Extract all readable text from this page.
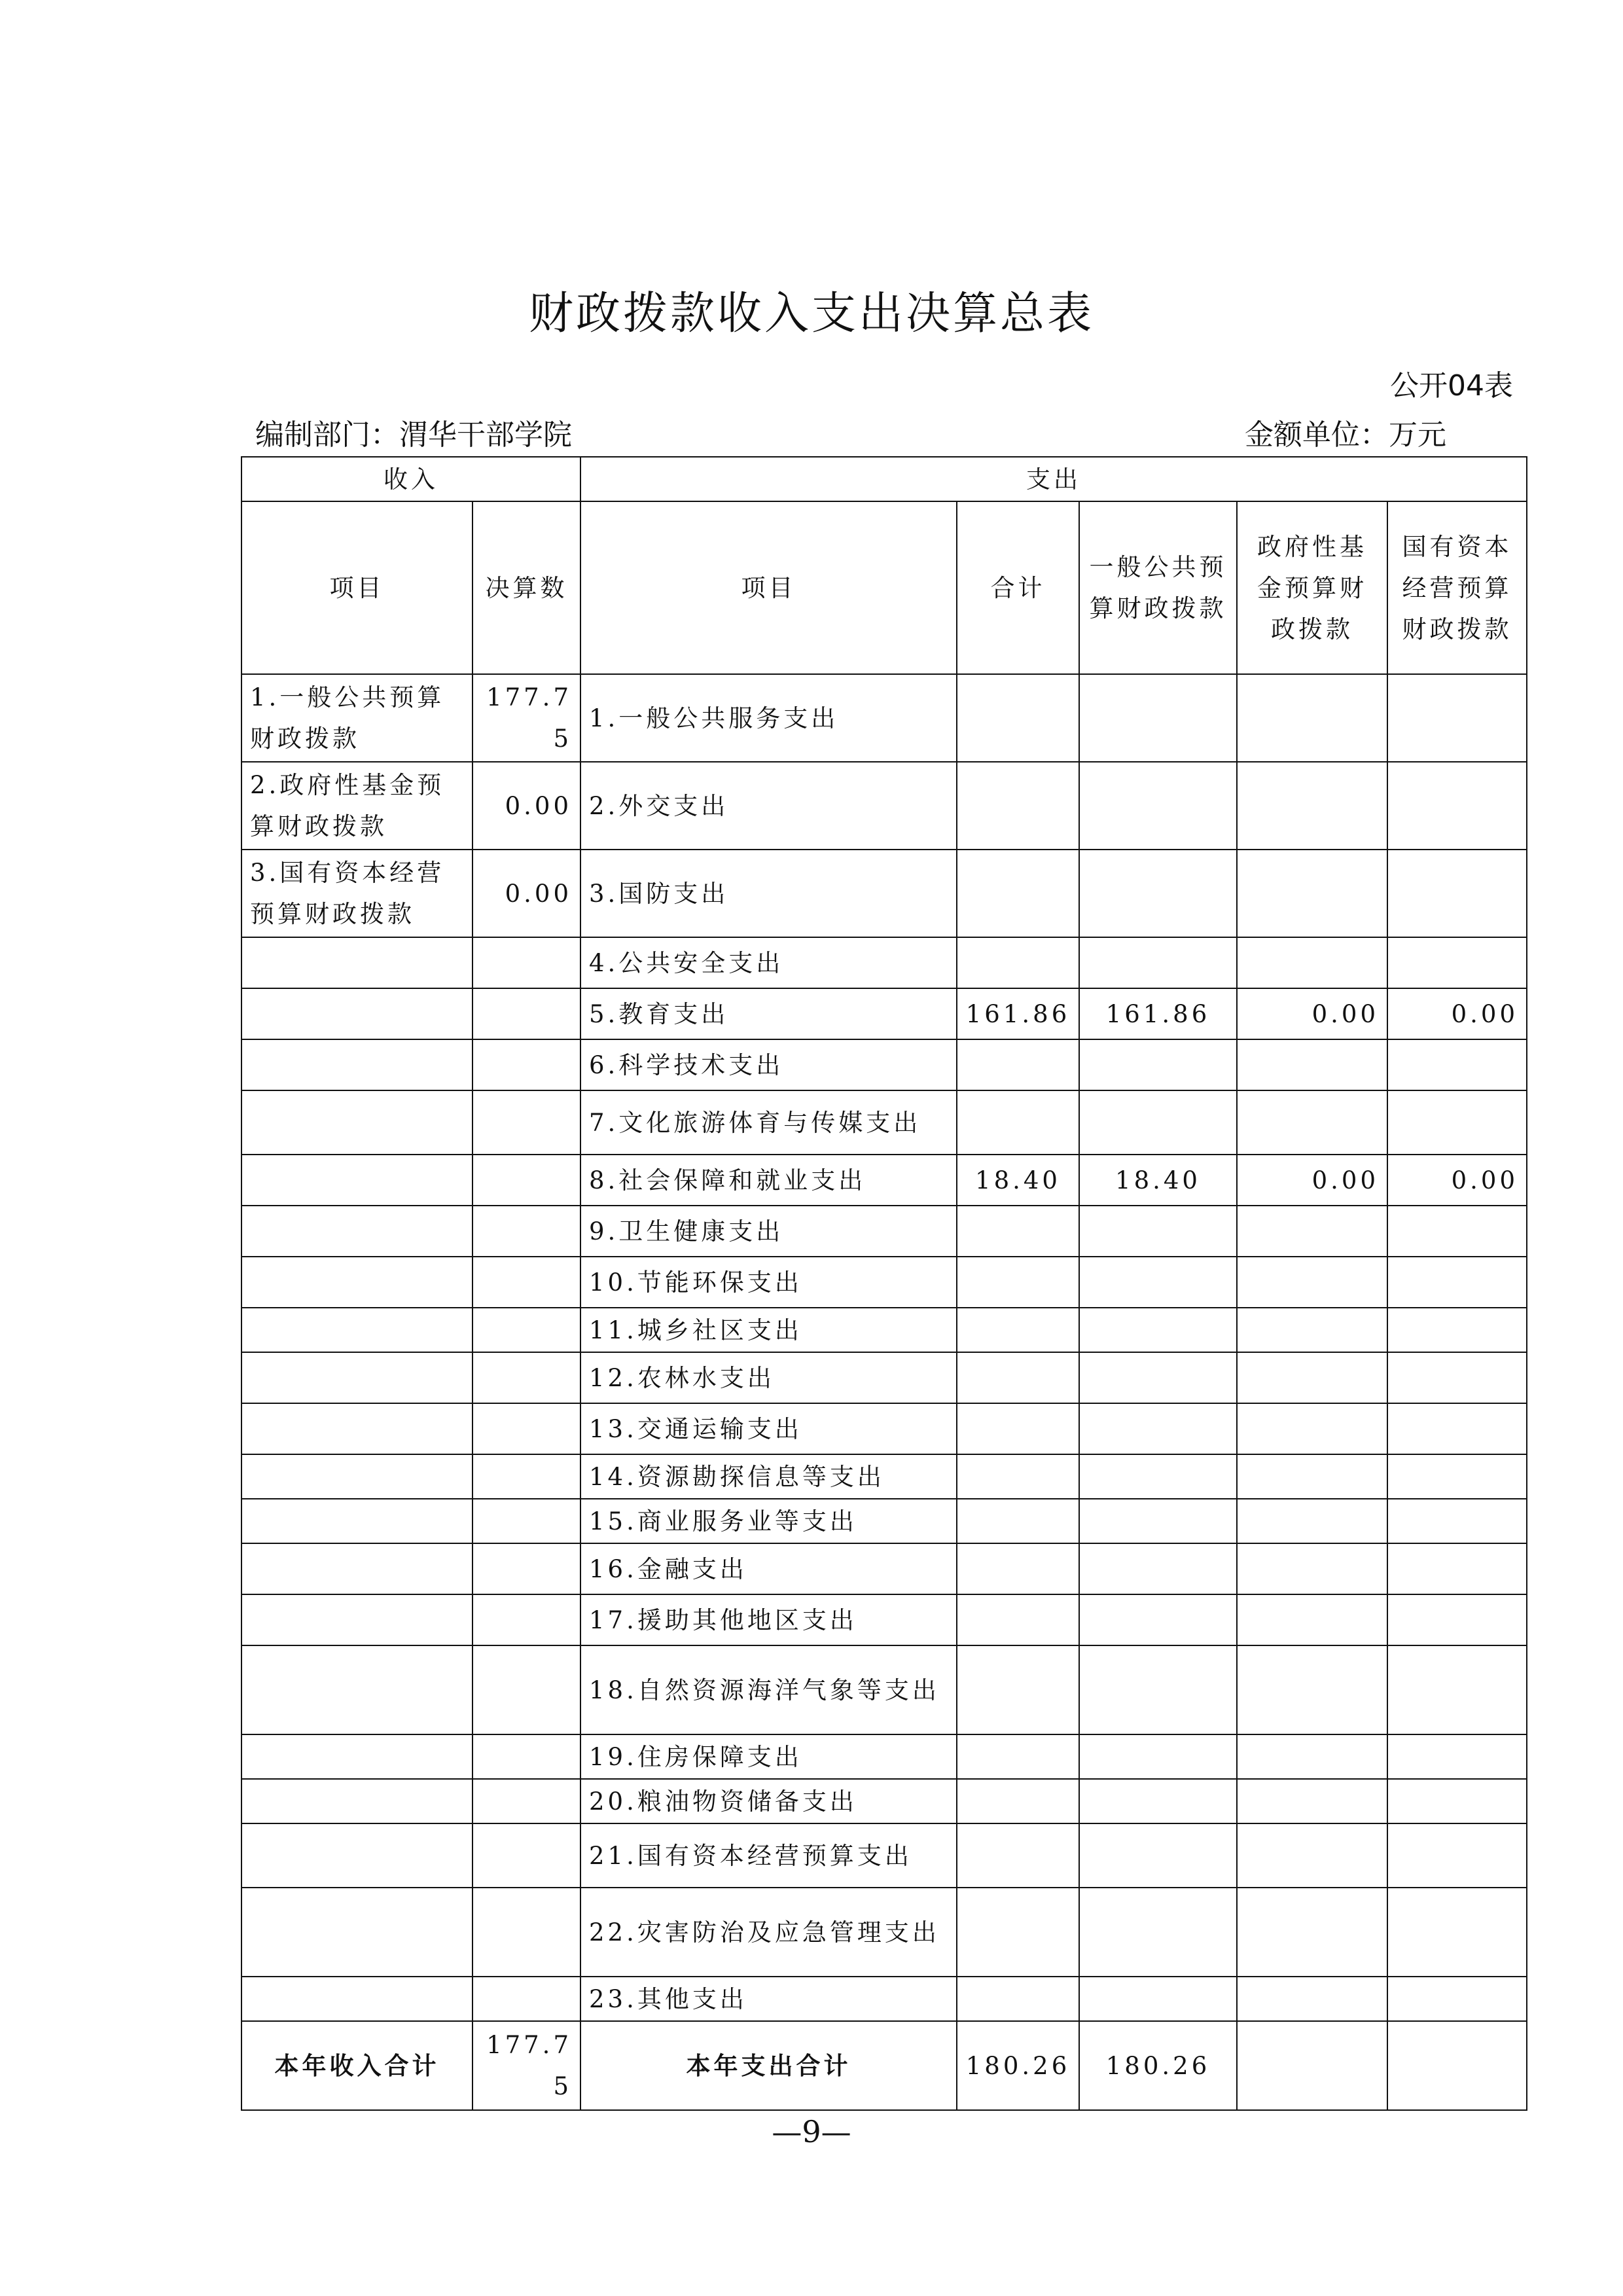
财政拨款收入支出决算总表
公开04表
编制部门：渭华干部学院	金额单位：万元
收入		支出				
项目	决算数	项目	合计	一般公共预算财政拨款	政府性基金预算财政拨款	国有资本经营预算财政拨款
1.一般公共预算财政拨款	177.75	1.一般公共服务支出				
2.政府性基金预算财政拨款	0.00	2.外交支出				
3.国有资本经营预算财政拨款	0.00	3.国防支出				
		4.公共安全支出				
		5.教育支出	161.86	161.86	0.00	0.00
		6.科学技术支出				
		7.文化旅游体育与传媒支出				
		8.社会保障和就业支出	18.40	18.40	0.00	0.00
		9.卫生健康支出				
		10.节能环保支出				
		11.城乡社区支出				
		12.农林水支出				
		13.交通运输支出				
		14.资源勘探信息等支出				
		15.商业服务业等支出				
		16.金融支出				
		17.援助其他地区支出				
		18.自然资源海洋气象等支出				
		19.住房保障支出				
		20.粮油物资储备支出				
		21.国有资本经营预算支出				
		22.灾害防治及应急管理支出				
		23.其他支出				
本年收入合计	177.75	本年支出合计	180.26	180.26		
—9—
